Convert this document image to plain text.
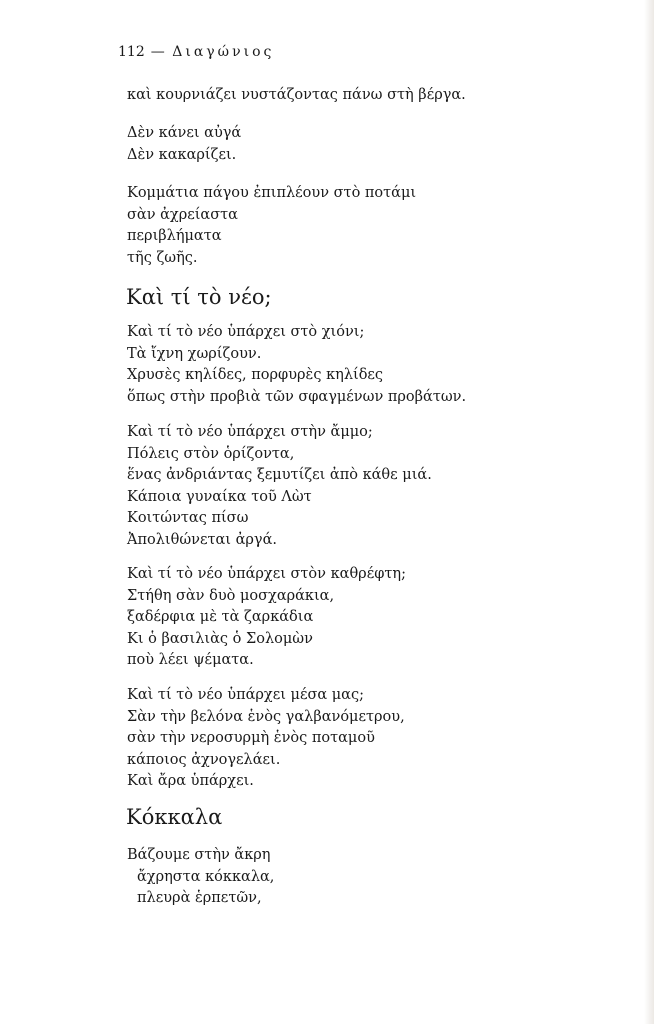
112 — Διαγώνιος
καὶ κουρνιάζει νυστάζοντας πάνω στὴ βέργα.
Δὲν κάνει αὐγά
Δὲν κακαρίζει.
Κομμάτια πάγου ἐπιπλέουν στὸ ποτάμι
σὰν ἀχρείαστα
περιβλήματα
τῆς ζωῆς.
Καὶ τί τὸ νέο;
Καὶ τί τὸ νέο ὑπάρχει στὸ χιόνι;
Τὰ ἴχνη χωρίζουν.
Χρυσὲς κηλίδες, πορφυρὲς κηλίδες
ὅπως στὴν προβιὰ τῶν σφαγμένων προβάτων.
Καὶ τί τὸ νέο ὑπάρχει στὴν ἄμμο;
Πόλεις στὸν ὁρίζοντα,
ἕνας ἀνδριάντας ξεμυτίζει ἀπὸ κάθε μιά.
Κάποια γυναίκα τοῦ Λὼτ
Κοιτώντας πίσω
Ἀπολιθώνεται ἀργά.
Καὶ τί τὸ νέο ὑπάρχει στὸν καθρέφτη;
Στήθη σὰν δυὸ μοσχαράκια,
ξαδέρφια μὲ τὰ ζαρκάδια
Κι ὁ βασιλιὰς ὁ Σολομὼν
ποὺ λέει ψέματα.
Καὶ τί τὸ νέο ὑπάρχει μέσα μας;
Σὰν τὴν βελόνα ἑνὸς γαλβανόμετρου,
σὰν τὴν νεροσυρμὴ ἑνὸς ποταμοῦ
κάποιος ἀχνογελάει.
Καὶ ἄρα ὑπάρχει.
Κόκκαλα
Βάζουμε στὴν ἄκρη
ἄχρηστα κόκκαλα,
πλευρὰ ἑρπετῶν,
